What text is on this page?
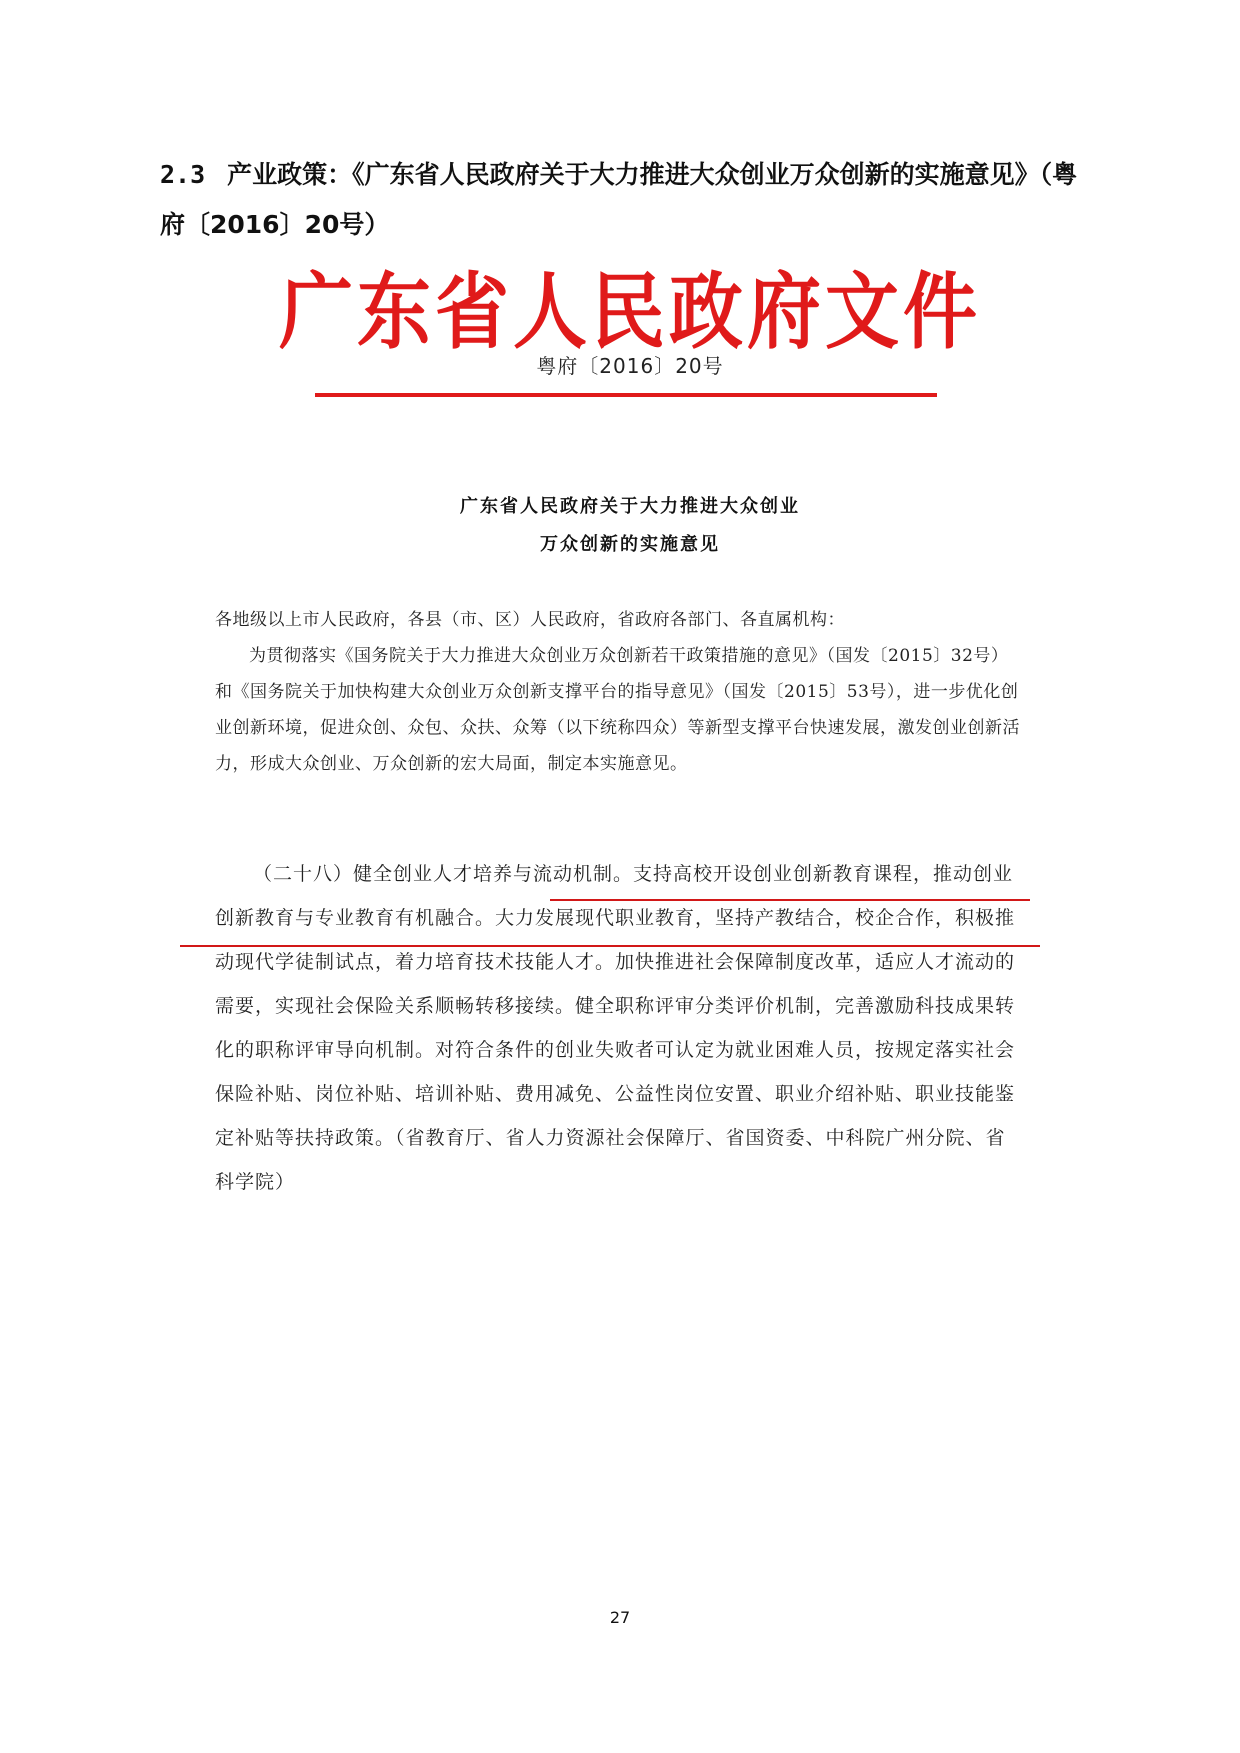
2.3 产业政策：《广东省人民政府关于大力推进大众创业万众创新的实施意见》（粤府〔2016〕20号）
广东省人民政府文件
粤府〔2016〕20号
广东省人民政府关于大力推进大众创业
万众创新的实施意见

各地级以上市人民政府，各县（市、区）人民政府，省政府各部门、各直属机构：

为贯彻落实《国务院关于大力推进大众创业万众创新若干政策措施的意见》（国发〔2015〕32号）和《国务院关于加快构建大众创业万众创新支撑平台的指导意见》（国发〔2015〕53号），进一步优化创业创新环境，促进众创、众包、众扶、众筹（以下统称四众）等新型支撑平台快速发展，激发创业创新活力，形成大众创业、万众创新的宏大局面，制定本实施意见。

（二十八）健全创业人才培养与流动机制。支持高校开设创业创新教育课程，推动创业创新教育与专业教育有机融合。大力发展现代职业教育，坚持产教结合，校企合作，积极推动现代学徒制试点，着力培育技术技能人才。加快推进社会保障制度改革，适应人才流动的需要，实现社会保险关系顺畅转移接续。健全职称评审分类评价机制，完善激励科技成果转化的职称评审导向机制。对符合条件的创业失败者可认定为就业困难人员，按规定落实社会保险补贴、岗位补贴、培训补贴、费用减免、公益性岗位安置、职业介绍补贴、职业技能鉴定补贴等扶持政策。（省教育厅、省人力资源社会保障厅、省国资委、中科院广州分院、省科学院）

27
